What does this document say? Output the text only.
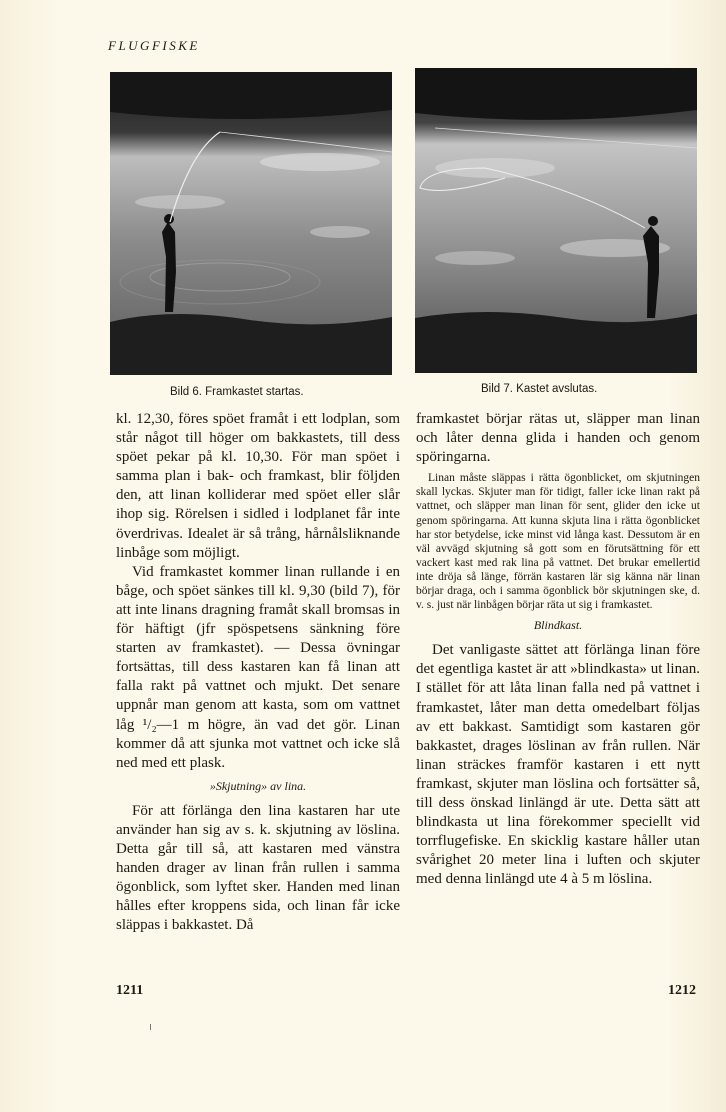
FLUGFISKE
Bild 6. Framkastet startas.	Bild 7. Kastet avslutas.

kl. 12,30, föres spöet framåt i ett lodplan, som står något till höger om bakkastets, till dess spöet pekar på kl. 10,30. För man spöet i samma plan i bak- och framkast, blir följden den, att linan kolliderar med spöet eller slår ihop sig. Rörelsen i sidled i lodplanet får inte överdrivas. Idealet är så trång, hårnålsliknande linbåge som möjligt.

Vid framkastet kommer linan rullande i en båge, och spöet sänkes till kl. 9,30 (bild 7), för att inte linans dragning framåt skall bromsas in för häftigt (jfr spöspetsens sänkning före starten av framkastet). — Dessa övningar fortsättas, till dess kastaren kan få linan att falla rakt på vattnet och mjukt. Det senare uppnår man genom att kasta, som om vattnet låg ¹/₂—1 m högre, än vad det gör. Linan kommer då att sjunka mot vattnet och icke slå ned med ett plask.

»Skjutning» av lina.

För att förlänga den lina kastaren har ute använder han sig av s. k. skjutning av löslina. Detta går till så, att kastaren med vänstra handen drager av linan från rullen i samma ögonblick, som lyftet sker. Handen med linan hålles efter kroppens sida, och linan får icke släppas i bakkastet. Då

framkastet börjar rätas ut, släpper man linan och låter denna glida i handen och genom spöringarna.

Linan måste släppas i rätta ögonblicket, om skjutningen skall lyckas. Skjuter man för tidigt, faller icke linan rakt på vattnet, och släpper man linan för sent, glider den icke ut genom spöringarna. Att kunna skjuta lina i rätta ögonblicket har stor betydelse, icke minst vid långa kast. Dessutom är en väl avvägd skjutning så gott som en förutsättning för ett vackert kast med rak lina på vattnet. Det brukar emellertid inte dröja så länge, förrän kastaren lär sig känna när linan börjar draga, och i samma ögonblick bör skjutningen ske, d. v. s. just när linbågen börjar räta ut sig i framkastet.

Blindkast.

Det vanligaste sättet att förlänga linan före det egentliga kastet är att »blindkasta» ut linan. I stället för att låta linan falla ned på vattnet i framkastet, låter man detta omedelbart följas av ett bakkast. Samtidigt som kastaren gör bakkastet, drages löslinan av från rullen. När linan sträckes framför kastaren i ett nytt framkast, skjuter man löslina och fortsätter så, till dess önskad linlängd är ute. Detta sätt att blindkasta ut lina förekommer speciellt vid torrflugefiske. En skicklig kastare håller utan svårighet 20 meter lina i luften och skjuter med denna linlängd ute 4 à 5 m löslina.

1211	1212
